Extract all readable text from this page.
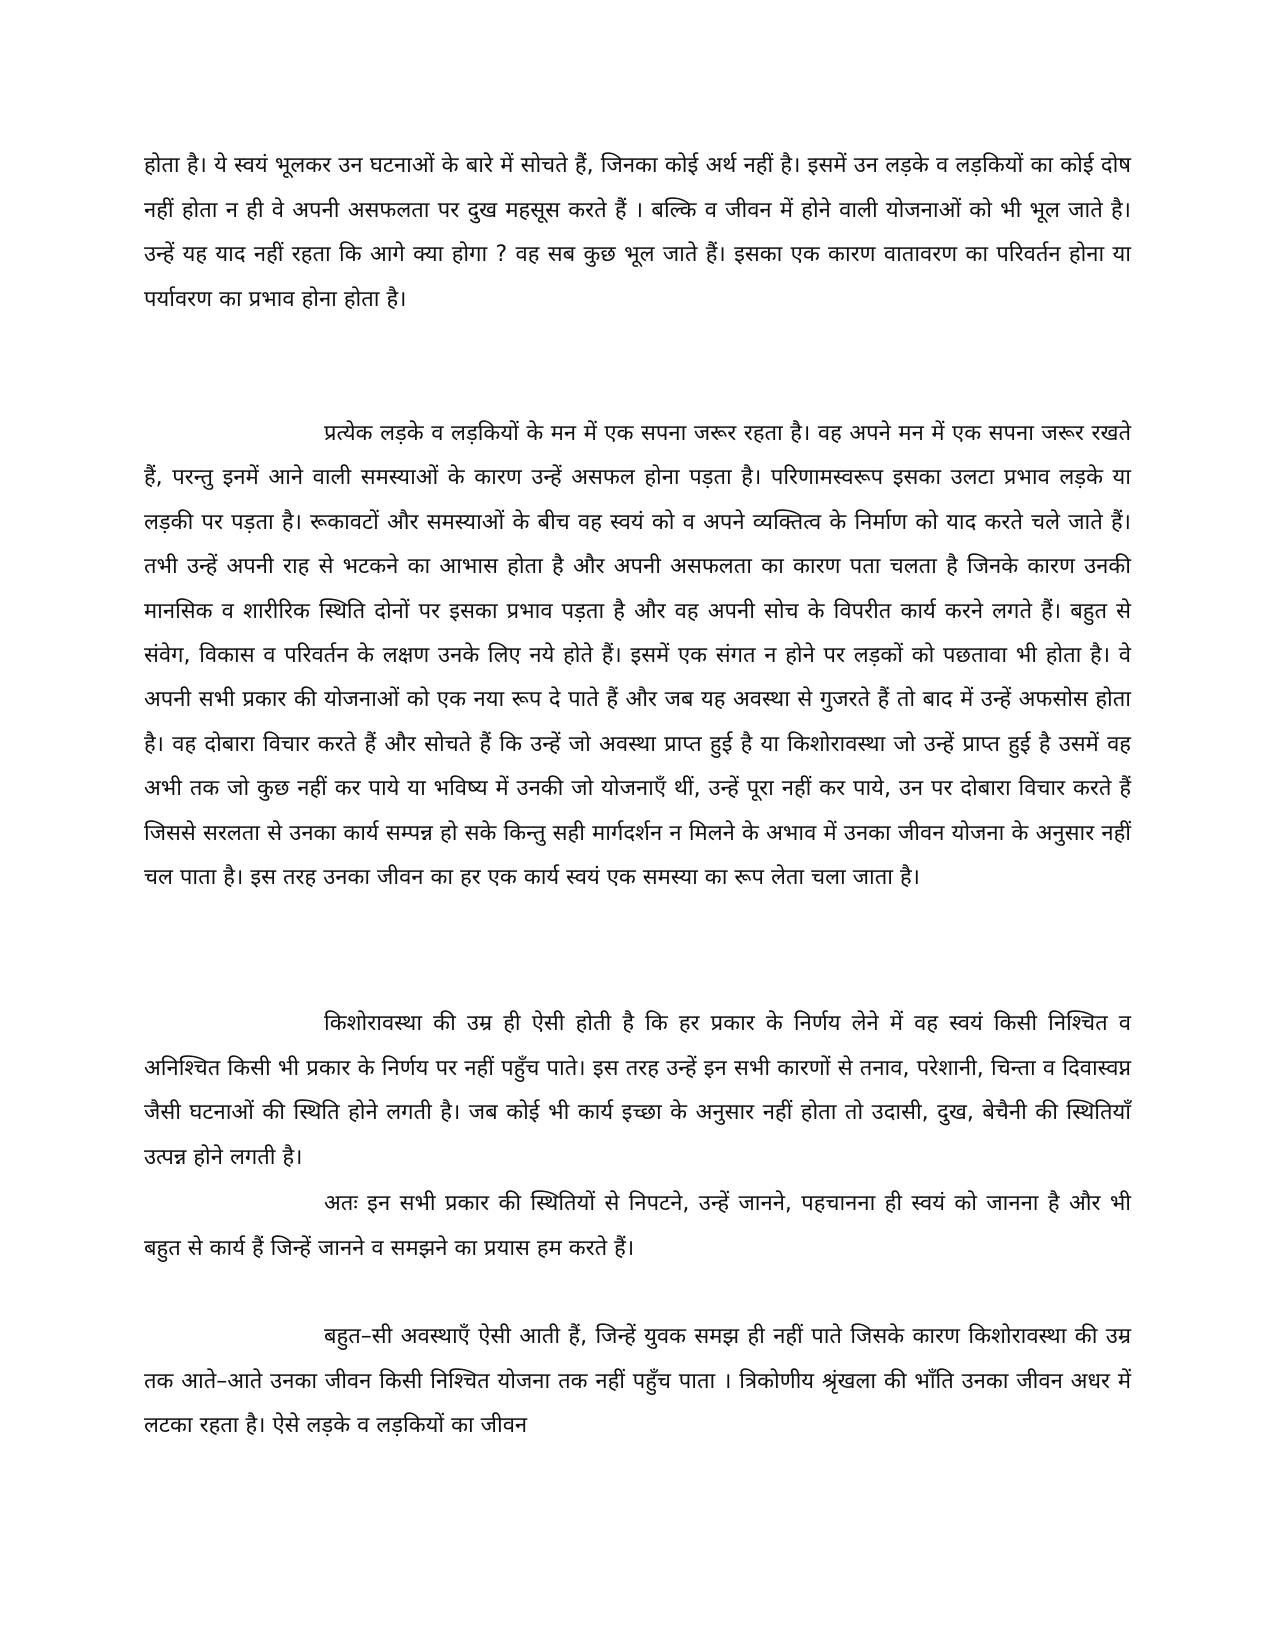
होता है। ये स्वयं भूलकर उन घटनाओं के बारे में सोचते हैं, जिनका कोई अर्थ नहीं है। इसमें उन लड़के व लड़कियों का कोई दोष नहीं होता न ही वे अपनी असफलता पर दुख महसूस करते हैं । बल्कि व जीवन में होने वाली योजनाओं को भी भूल जाते है। उन्हें यह याद नहीं रहता कि आगे क्या होगा ? वह सब कुछ भूल जाते हैं। इसका एक कारण वातावरण का परिवर्तन होना या पर्यावरण का प्रभाव होना होता है।

प्रत्येक लड़के व लड़कियों के मन में एक सपना जरूर रहता है। वह अपने मन में एक सपना जरूर रखते हैं, परन्तु इनमें आने वाली समस्याओं के कारण उन्हें असफल होना पड़ता है। परिणामस्वरूप इसका उलटा प्रभाव लड़के या लड़की पर पड़ता है। रूकावटों और समस्याओं के बीच वह स्वयं को व अपने व्यक्तित्व के निर्माण को याद करते चले जाते हैं। तभी उन्हें अपनी राह से भटकने का आभास होता है और अपनी असफलता का कारण पता चलता है जिनके कारण उनकी मानसिक व शारीरिक स्थिति दोनों पर इसका प्रभाव पड़ता है और वह अपनी सोच के विपरीत कार्य करने लगते हैं। बहुत से संवेग, विकास व परिवर्तन के लक्षण उनके लिए नये होते हैं। इसमें एक संगत न होने पर लड़कों को पछतावा भी होता है। वे अपनी सभी प्रकार की योजनाओं को एक नया रूप दे पाते हैं और जब यह अवस्था से गुजरते हैं तो बाद में उन्हें अफसोस होता है। वह दोबारा विचार करते हैं और सोचते हैं कि उन्हें जो अवस्था प्राप्त हुई है या किशोरावस्था जो उन्हें प्राप्त हुई है उसमें वह अभी तक जो कुछ नहीं कर पाये या भविष्य में उनकी जो योजनाएँ थीं, उन्हें पूरा नहीं कर पाये, उन पर दोबारा विचार करते हैं जिससे सरलता से उनका कार्य सम्पन्न हो सके किन्तु सही मार्गदर्शन न मिलने के अभाव में उनका जीवन योजना के अनुसार नहीं चल पाता है। इस तरह उनका जीवन का हर एक कार्य स्वयं एक समस्या का रूप लेता चला जाता है।

किशोरावस्था की उम्र ही ऐसी होती है कि हर प्रकार के निर्णय लेने में वह स्वयं किसी निश्चित व अनिश्चित किसी भी प्रकार के निर्णय पर नहीं पहुँच पाते। इस तरह उन्हें इन सभी कारणों से तनाव, परेशानी, चिन्ता व दिवास्वप्न जैसी घटनाओं की स्थिति होने लगती है। जब कोई भी कार्य इच्छा के अनुसार नहीं होता तो उदासी, दुख, बेचैनी की स्थितियाँ उत्पन्न होने लगती है।

अतः इन सभी प्रकार की स्थितियों से निपटने, उन्हें जानने, पहचानना ही स्वयं को जानना है और भी बहुत से कार्य हैं जिन्हें जानने व समझने का प्रयास हम करते हैं।

बहुत–सी अवस्थाएँ ऐसी आती हैं, जिन्हें युवक समझ ही नहीं पाते जिसके कारण किशोरावस्था की उम्र तक आते–आते उनका जीवन किसी निश्चित योजना तक नहीं पहुँच पाता । त्रिकोणीय श्रृंखला की भाँति उनका जीवन अधर में लटका रहता है। ऐसे लड़के व लड़कियों का जीवन
